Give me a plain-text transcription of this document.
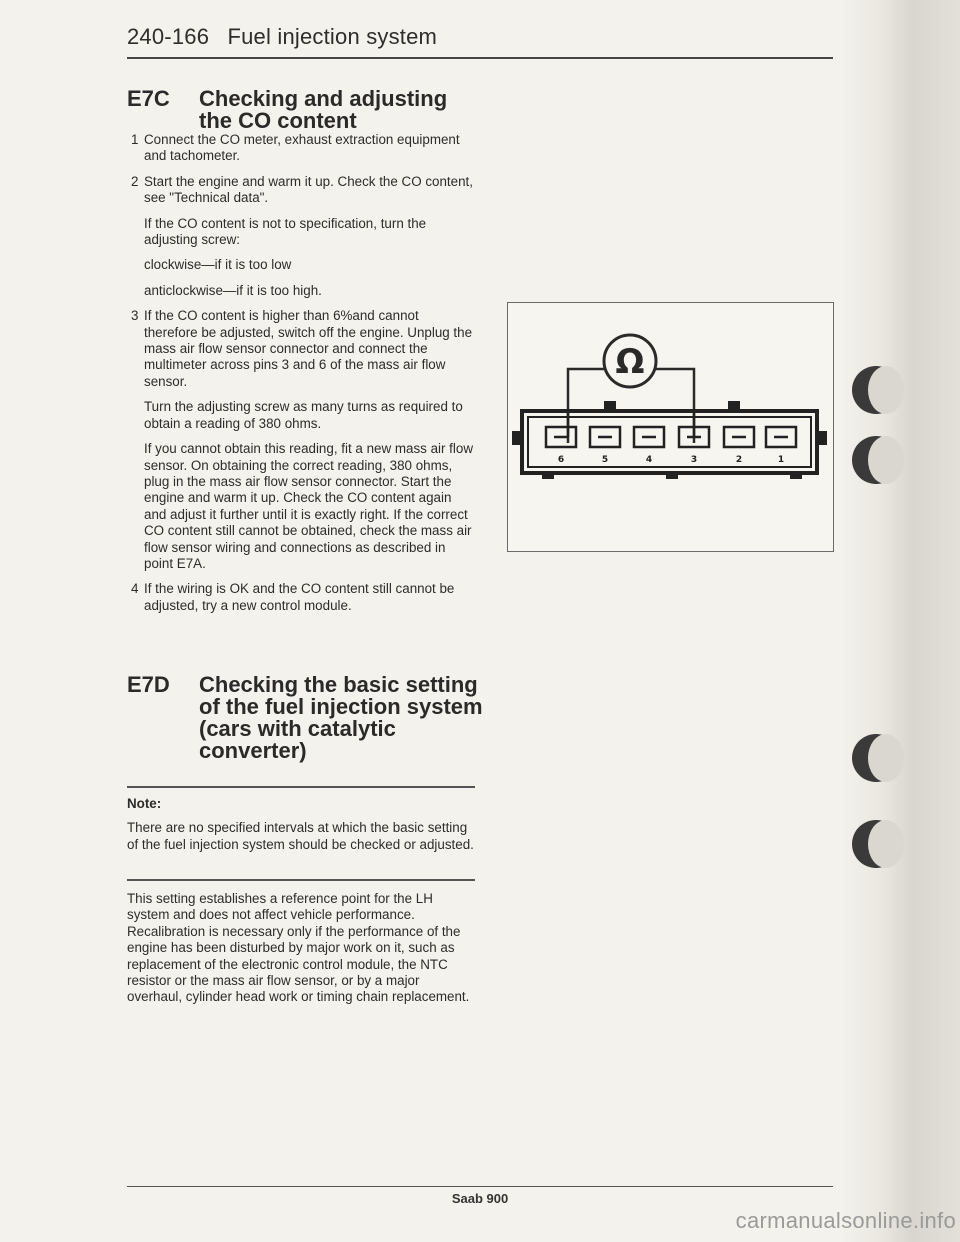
240-166 Fuel injection system
E7C Checking and adjusting
the CO content
1 Connect the CO meter, exhaust extraction equipment and tachometer.
2 Start the engine and warm it up. Check the CO content, see "Technical data".
If the CO content is not to specification, turn the adjusting screw:
clockwise—if it is too low
anticlockwise—if it is too high.
3 If the CO content is higher than 6%and cannot therefore be adjusted, switch off the engine. Unplug the mass air flow sensor connector and connect the multimeter across pins 3 and 6 of the mass air flow sensor.
Turn the adjusting screw as many turns as required to obtain a reading of 380 ohms.
If you cannot obtain this reading, fit a new mass air flow sensor. On obtaining the correct reading, 380 ohms, plug in the mass air flow sensor connector. Start the engine and warm it up. Check the CO content again and adjust it further until it is exactly right. If the correct CO content still cannot be obtained, check the mass air flow sensor wiring and connections as described in point E7A.
4 If the wiring is OK and the CO content still cannot be adjusted, try a new control module.
E7D Checking the basic setting
of the fuel injection system
(cars with catalytic
converter)
Note:
There are no specified intervals at which the basic setting of the fuel injection system should be checked or adjusted.
This setting establishes a reference point for the LH system and does not affect vehicle performance. Recalibration is necessary only if the performance of the engine has been disturbed by major work on it, such as replacement of the electronic control module, the NTC resistor or the mass air flow sensor, or by a major overhaul, cylinder head work or timing chain replacement.
Ω
6	5	4	3	2	1
Saab 900
carmanualsonline.info
